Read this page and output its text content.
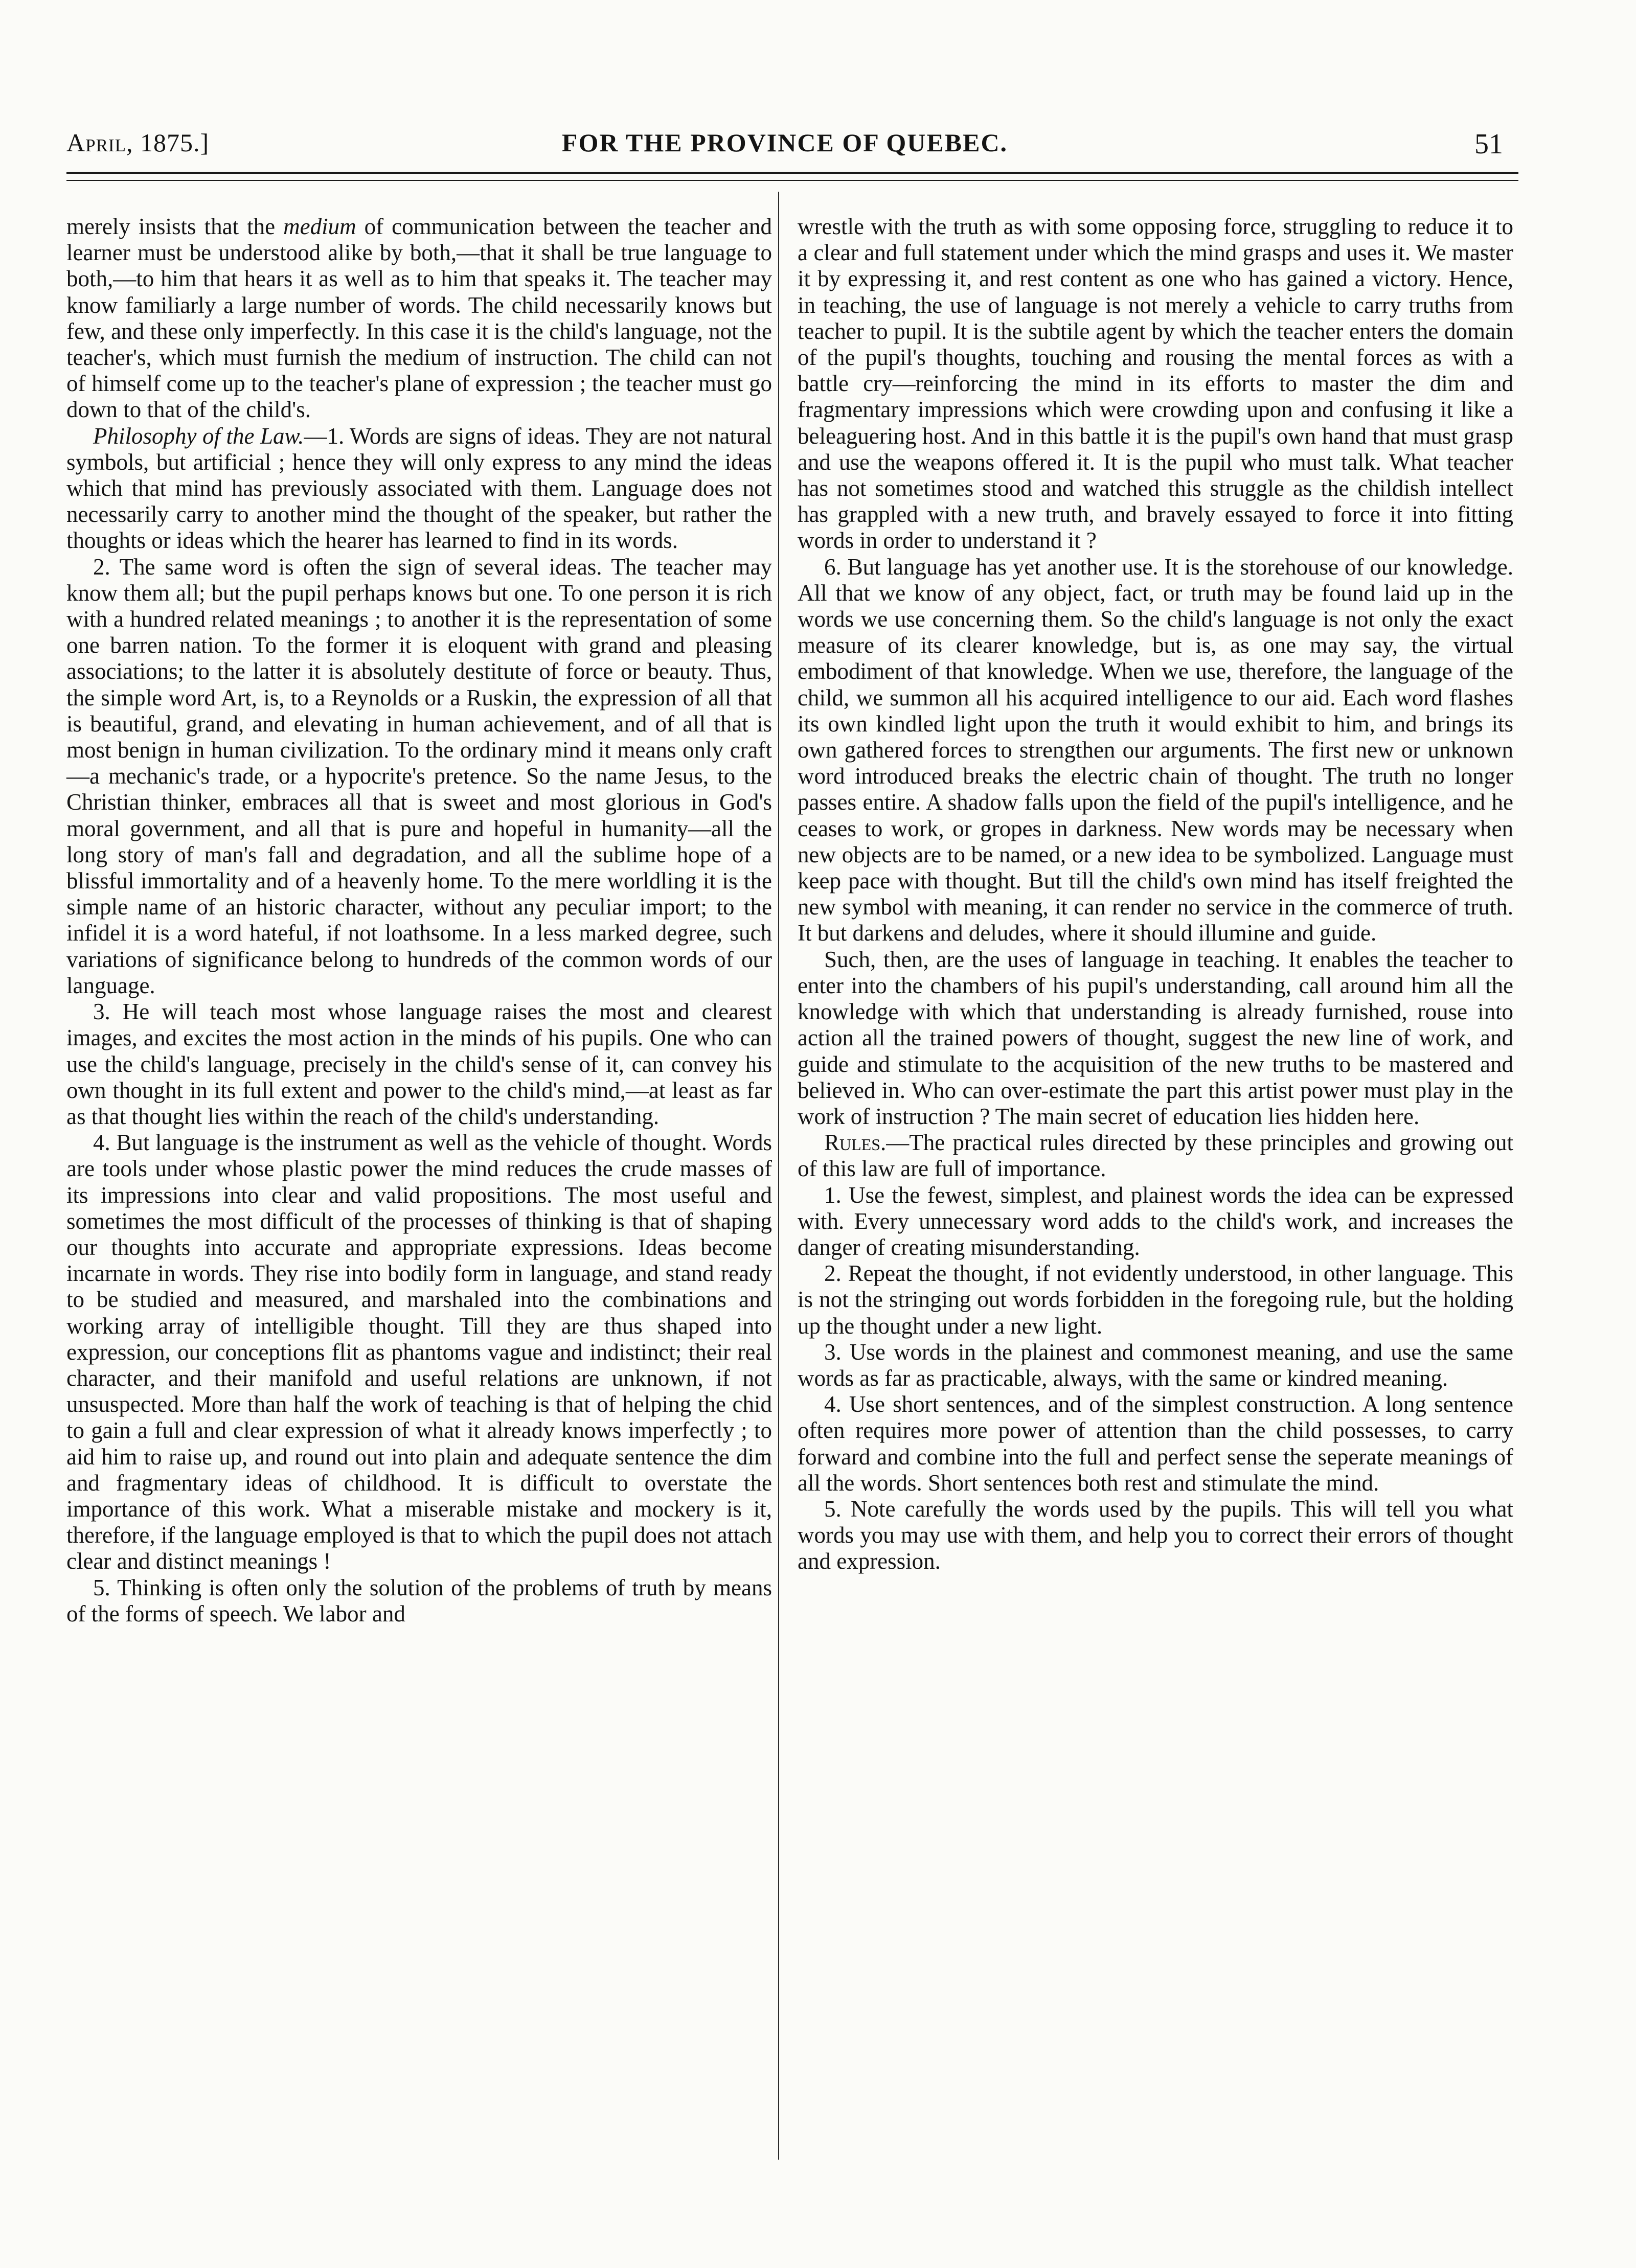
April, 1875.]	FOR THE PROVINCE OF QUEBEC.	51

merely insists that the medium of communication between the teacher and learner must be understood alike by both,—that it shall be true language to both,—to him that hears it as well as to him that speaks it. The teacher may know familiarly a large number of words. The child necessarily knows but few, and these only imperfectly. In this case it is the child's language, not the teacher's, which must furnish the medium of instruction. The child can not of himself come up to the teacher's plane of expression ; the teacher must go down to that of the child's.

Philosophy of the Law.—1. Words are signs of ideas. They are not natural symbols, but artificial ; hence they will only express to any mind the ideas which that mind has previously associated with them. Language does not necessarily carry to another mind the thought of the speaker, but rather the thoughts or ideas which the hearer has learned to find in its words.

2. The same word is often the sign of several ideas. The teacher may know them all; but the pupil perhaps knows but one. To one person it is rich with a hundred related meanings ; to another it is the representation of some one barren nation. To the former it is eloquent with grand and pleasing associations; to the latter it is absolutely destitute of force or beauty. Thus, the simple word Art, is, to a Reynolds or a Ruskin, the expression of all that is beautiful, grand, and elevating in human achievement, and of all that is most benign in human civilization. To the ordinary mind it means only craft —a mechanic's trade, or a hypocrite's pretence. So the name Jesus, to the Christian thinker, embraces all that is sweet and most glorious in God's moral government, and all that is pure and hopeful in humanity—all the long story of man's fall and degradation, and all the sublime hope of a blissful immortality and of a heavenly home. To the mere worldling it is the simple name of an historic character, without any peculiar import; to the infidel it is a word hateful, if not loathsome. In a less marked degree, such variations of significance belong to hundreds of the common words of our language.

3. He will teach most whose language raises the most and clearest images, and excites the most action in the minds of his pupils. One who can use the child's language, precisely in the child's sense of it, can convey his own thought in its full extent and power to the child's mind,—at least as far as that thought lies within the reach of the child's understanding.

4. But language is the instrument as well as the vehicle of thought. Words are tools under whose plastic power the mind reduces the crude masses of its impressions into clear and valid propositions. The most useful and sometimes the most difficult of the processes of thinking is that of shaping our thoughts into accurate and appropriate expressions. Ideas become incarnate in words. They rise into bodily form in language, and stand ready to be studied and measured, and marshaled into the combinations and working array of intelligible thought. Till they are thus shaped into expression, our conceptions flit as phantoms vague and indistinct; their real character, and their manifold and useful relations are unknown, if not unsuspected. More than half the work of teaching is that of helping the chid to gain a full and clear expression of what it already knows imperfectly ; to aid him to raise up, and round out into plain and adequate sentence the dim and fragmentary ideas of childhood. It is difficult to overstate the importance of this work. What a miserable mistake and mockery is it, therefore, if the language employed is that to which the pupil does not attach clear and distinct meanings !

5. Thinking is often only the solution of the problems of truth by means of the forms of speech. We labor and

wrestle with the truth as with some opposing force, struggling to reduce it to a clear and full statement under which the mind grasps and uses it. We master it by expressing it, and rest content as one who has gained a victory. Hence, in teaching, the use of language is not merely a vehicle to carry truths from teacher to pupil. It is the subtile agent by which the teacher enters the domain of the pupil's thoughts, touching and rousing the mental forces as with a battle cry—reinforcing the mind in its efforts to master the dim and fragmentary impressions which were crowding upon and confusing it like a beleaguering host. And in this battle it is the pupil's own hand that must grasp and use the weapons offered it. It is the pupil who must talk. What teacher has not sometimes stood and watched this struggle as the childish intellect has grappled with a new truth, and bravely essayed to force it into fitting words in order to understand it ?

6. But language has yet another use. It is the storehouse of our knowledge. All that we know of any object, fact, or truth may be found laid up in the words we use concerning them. So the child's language is not only the exact measure of its clearer knowledge, but is, as one may say, the virtual embodiment of that knowledge. When we use, therefore, the language of the child, we summon all his acquired intelligence to our aid. Each word flashes its own kindled light upon the truth it would exhibit to him, and brings its own gathered forces to strengthen our arguments. The first new or unknown word introduced breaks the electric chain of thought. The truth no longer passes entire. A shadow falls upon the field of the pupil's intelligence, and he ceases to work, or gropes in darkness. New words may be necessary when new objects are to be named, or a new idea to be symbolized. Language must keep pace with thought. But till the child's own mind has itself freighted the new symbol with meaning, it can render no service in the commerce of truth. It but darkens and deludes, where it should illumine and guide.

Such, then, are the uses of language in teaching. It enables the teacher to enter into the chambers of his pupil's understanding, call around him all the knowledge with which that understanding is already furnished, rouse into action all the trained powers of thought, suggest the new line of work, and guide and stimulate to the acquisition of the new truths to be mastered and believed in. Who can over-estimate the part this artist power must play in the work of instruction ? The main secret of education lies hidden here.

Rules.—The practical rules directed by these principles and growing out of this law are full of importance.

1. Use the fewest, simplest, and plainest words the idea can be expressed with. Every unnecessary word adds to the child's work, and increases the danger of creating misunderstanding.

2. Repeat the thought, if not evidently understood, in other language. This is not the stringing out words forbidden in the foregoing rule, but the holding up the thought under a new light.

3. Use words in the plainest and commonest meaning, and use the same words as far as practicable, always, with the same or kindred meaning.

4. Use short sentences, and of the simplest construction. A long sentence often requires more power of attention than the child possesses, to carry forward and combine into the full and perfect sense the seperate meanings of all the words. Short sentences both rest and stimulate the mind.

5. Note carefully the words used by the pupils. This will tell you what words you may use with them, and help you to correct their errors of thought and expression.
